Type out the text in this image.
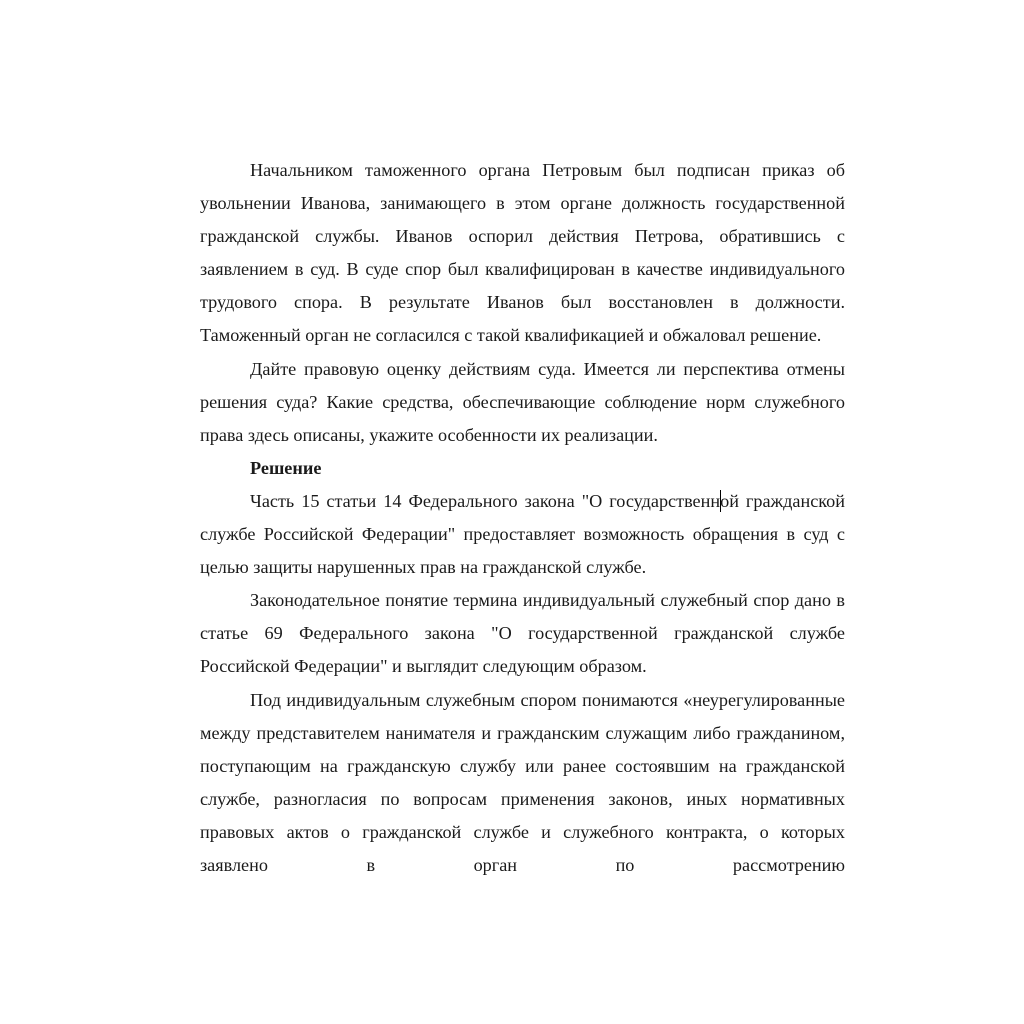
Начальником таможенного органа Петровым был подписан приказ об увольнении Иванова, занимающего в этом органе должность государственной гражданской службы. Иванов оспорил действия Петрова, обратившись с заявлением в суд. В суде спор был квалифицирован в качестве индивидуального трудового спора. В результате Иванов был восстановлен в должности. Таможенный орган не согласился с такой квалификацией и обжаловал решение.

Дайте правовую оценку действиям суда. Имеется ли перспектива отмены решения суда? Какие средства, обеспечивающие соблюдение норм служебного права здесь описаны, укажите особенности их реализации.

Решение

Часть 15 статьи 14 Федерального закона "О государственной гражданской службе Российской Федерации" предоставляет возможность обращения в суд с целью защиты нарушенных прав на гражданской службе.

Законодательное понятие термина индивидуальный служебный спор дано в статье 69 Федерального закона "О государственной гражданской службе Российской Федерации" и выглядит следующим образом.

Под индивидуальным служебным спором понимаются «неурегулированные между представителем нанимателя и гражданским служащим либо гражданином, поступающим на гражданскую службу или ранее состоявшим на гражданской службе, разногласия по вопросам применения законов, иных нормативных правовых актов о гражданской службе и служебного контракта, о которых заявлено в орган по рассмотрению
